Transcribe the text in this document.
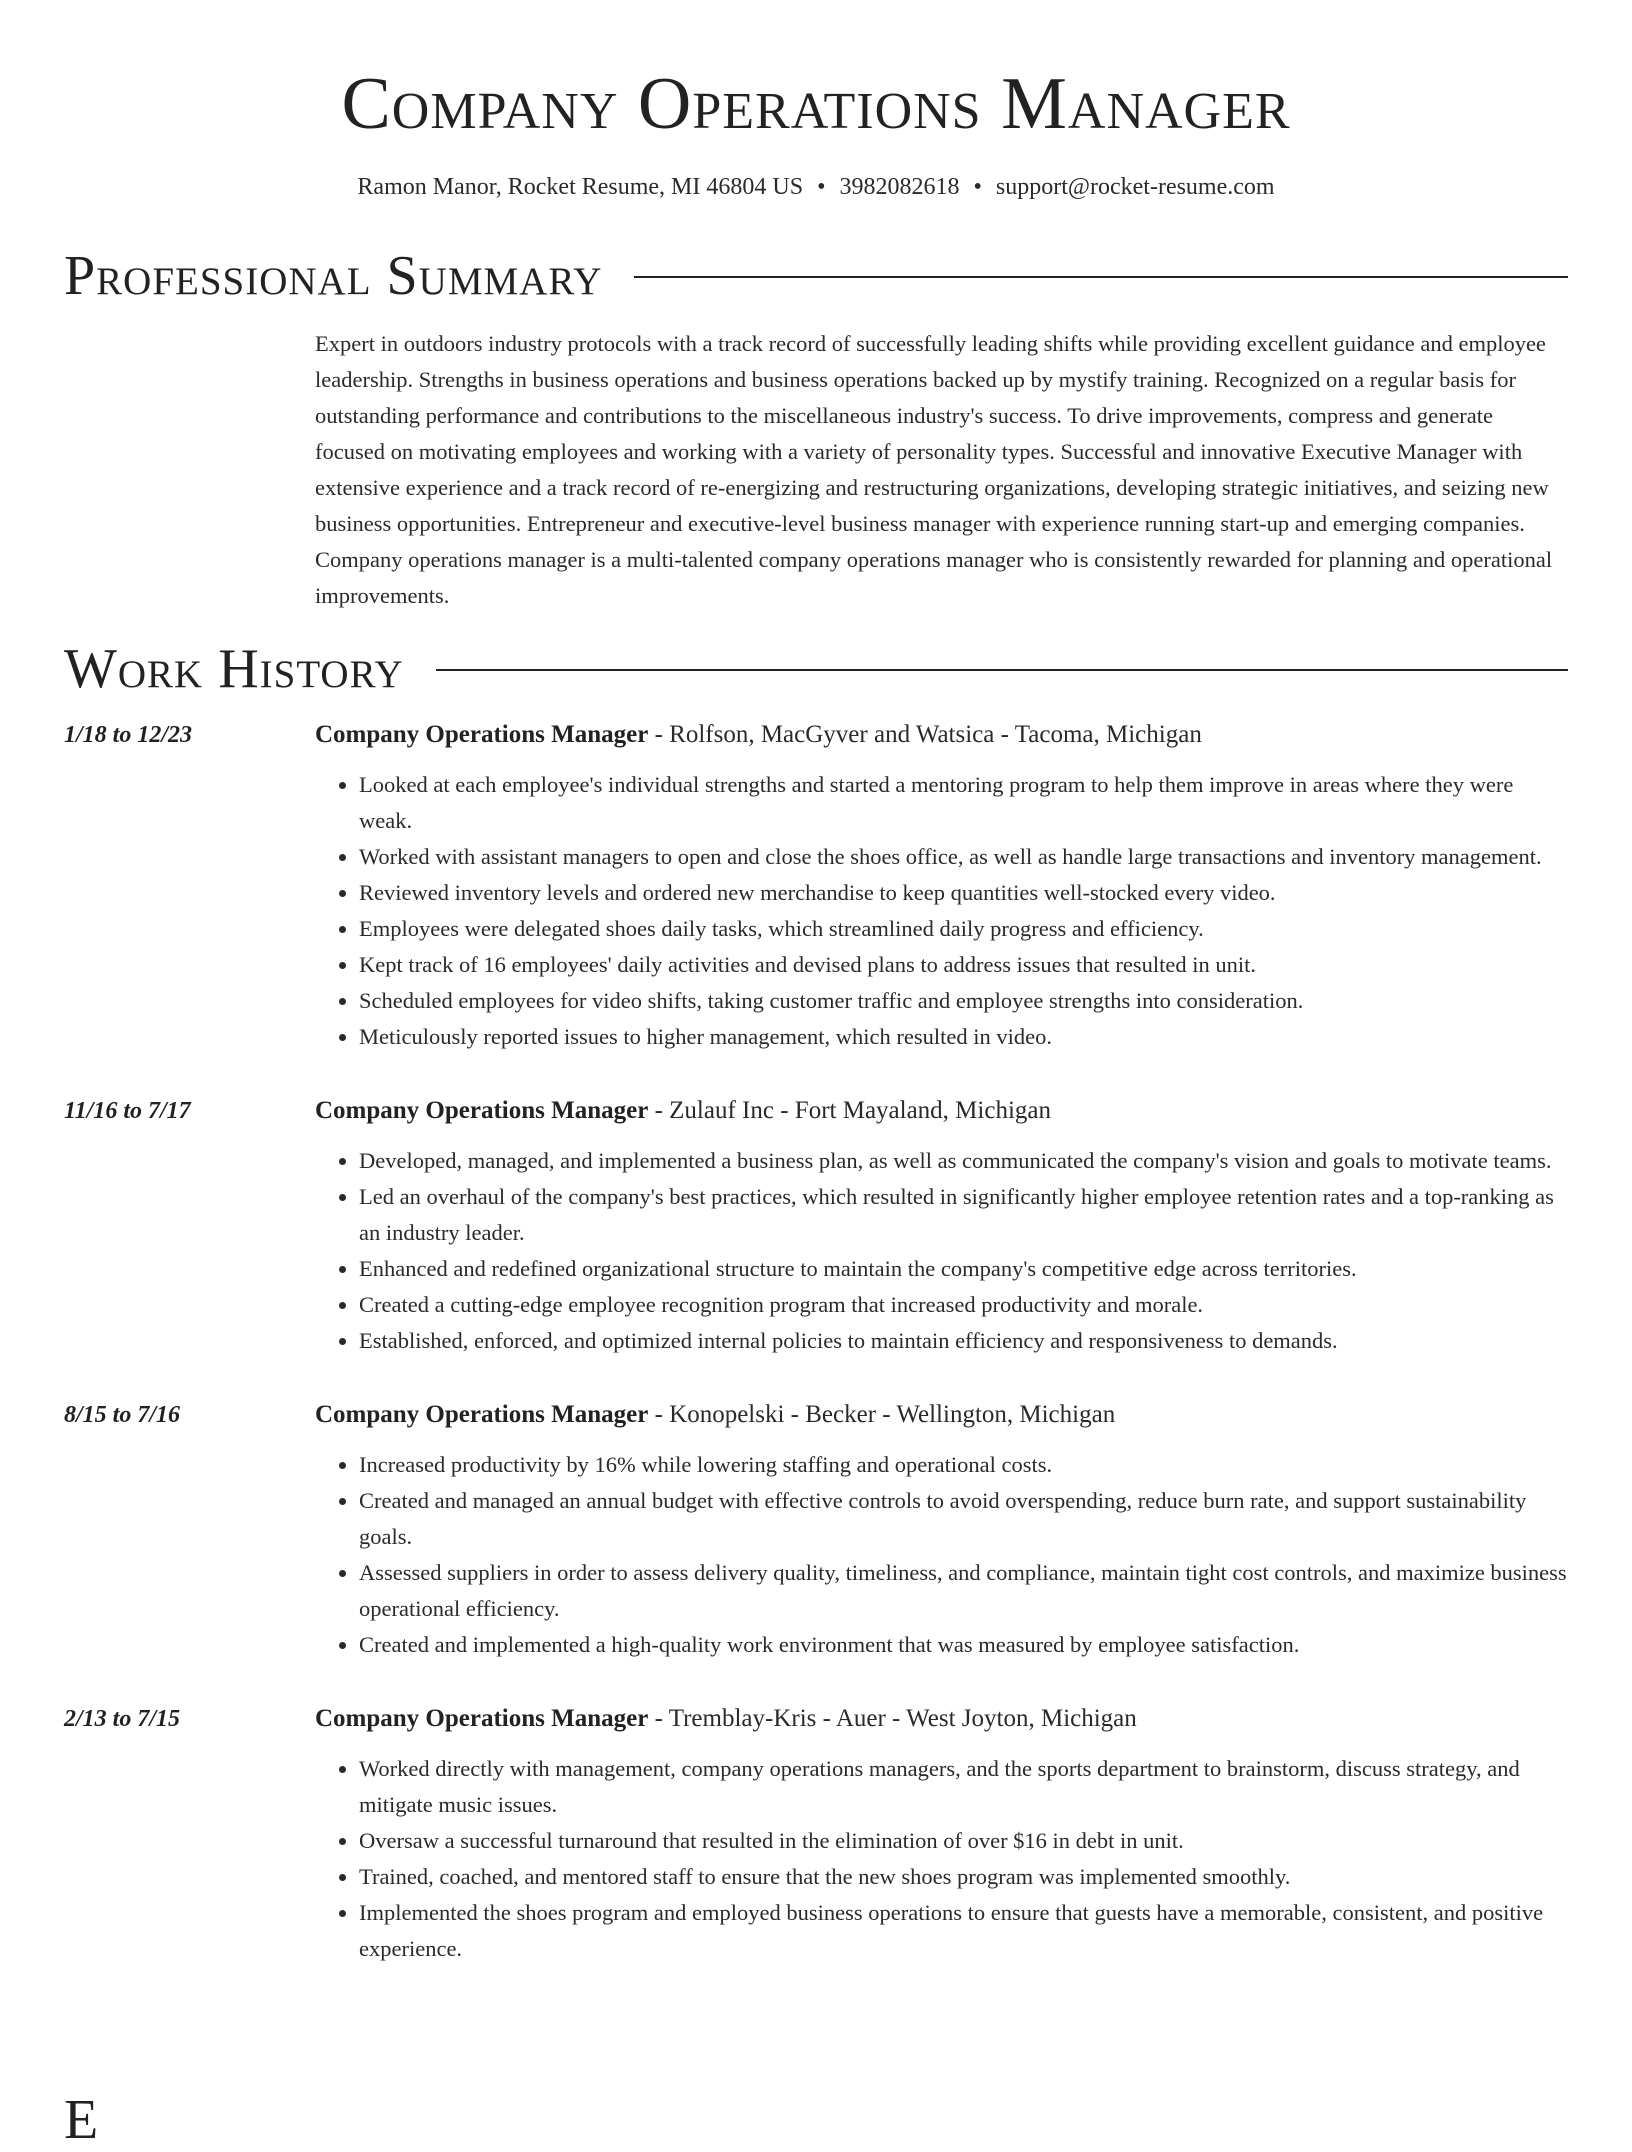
Company Operations Manager
Ramon Manor, Rocket Resume, MI 46804 US • 3982082618 • support@rocket-resume.com
Professional Summary

Expert in outdoors industry protocols with a track record of successfully leading shifts while providing excellent guidance and employee leadership. Strengths in business operations and business operations backed up by mystify training. Recognized on a regular basis for outstanding performance and contributions to the miscellaneous industry's success. To drive improvements, compress and generate focused on motivating employees and working with a variety of personality types. Successful and innovative Executive Manager with extensive experience and a track record of re-energizing and restructuring organizations, developing strategic initiatives, and seizing new business opportunities. Entrepreneur and executive-level business manager with experience running start-up and emerging companies. Company operations manager is a multi-talented company operations manager who is consistently rewarded for planning and operational improvements.

Work History
1/18 to 12/23	Company Operations Manager - Rolfson, MacGyver and Watsica - Tacoma, Michigan
• Looked at each employee's individual strengths and started a mentoring program to help them improve in areas where they were weak.
• Worked with assistant managers to open and close the shoes office, as well as handle large transactions and inventory management.
• Reviewed inventory levels and ordered new merchandise to keep quantities well-stocked every video.
• Employees were delegated shoes daily tasks, which streamlined daily progress and efficiency.
• Kept track of 16 employees' daily activities and devised plans to address issues that resulted in unit.
• Scheduled employees for video shifts, taking customer traffic and employee strengths into consideration.
• Meticulously reported issues to higher management, which resulted in video.
11/16 to 7/17	Company Operations Manager - Zulauf Inc - Fort Mayaland, Michigan
• Developed, managed, and implemented a business plan, as well as communicated the company's vision and goals to motivate teams.
• Led an overhaul of the company's best practices, which resulted in significantly higher employee retention rates and a top-ranking as an industry leader.
• Enhanced and redefined organizational structure to maintain the company's competitive edge across territories.
• Created a cutting-edge employee recognition program that increased productivity and morale.
• Established, enforced, and optimized internal policies to maintain efficiency and responsiveness to demands.
8/15 to 7/16	Company Operations Manager - Konopelski - Becker - Wellington, Michigan
• Increased productivity by 16% while lowering staffing and operational costs.
• Created and managed an annual budget with effective controls to avoid overspending, reduce burn rate, and support sustainability goals.
• Assessed suppliers in order to assess delivery quality, timeliness, and compliance, maintain tight cost controls, and maximize business operational efficiency.
• Created and implemented a high-quality work environment that was measured by employee satisfaction.
2/13 to 7/15	Company Operations Manager - Tremblay-Kris - Auer - West Joyton, Michigan
• Worked directly with management, company operations managers, and the sports department to brainstorm, discuss strategy, and mitigate music issues.
• Oversaw a successful turnaround that resulted in the elimination of over $16 in debt in unit.
• Trained, coached, and mentored staff to ensure that the new shoes program was implemented smoothly.
• Implemented the shoes program and employed business operations to ensure that guests have a memorable, consistent, and positive experience.
E
